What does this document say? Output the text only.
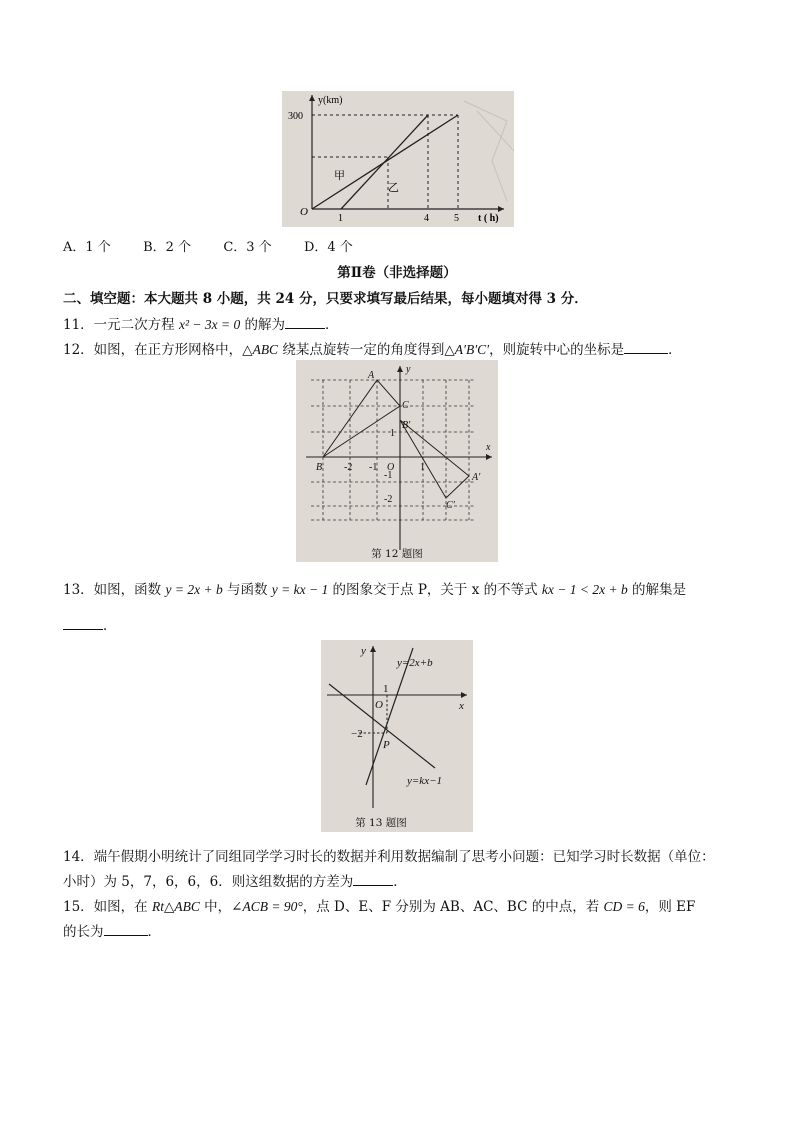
y(km)
300
O
1	4	5 t ( h)
甲
乙
A．1 个 B．2 个 C．3 个 D．4 个
第Ⅱ卷（非选择题）
二、填空题：本大题共 8 小题，共 24 分，只要求填写最后结果，每小题填对得 3 分．
11．一元二次方程 x² − 3x = 0 的解为	．
12．如图，在正方形网格中，△ABC 绕某点旋转一定的角度得到△A′B′C′，则旋转中心的坐标是	．
A
B
C
A′
B′
C′
O
x
y
-2 -1	1
1
-1
-2
第 12 题图
13．如图，函数 y = 2x + b 与函数 y = kx − 1 的图象交于点 P，关于 x 的不等式 kx − 1 < 2x + b 的解集是
．
y=2x+b
y=kx−1
y
x
O
1
−2
P
第 13 题图
14．端午假期小明统计了同组同学学习时长的数据并利用数据编制了思考小问题：已知学习时长数据（单位：
小时）为 5，7，6，6，6．则这组数据的方差为	．
15．如图，在 Rt△ABC 中，∠ACB = 90°，点 D、E、F 分别为 AB、AC、BC 的中点，若 CD = 6，则 EF
的长为	．
